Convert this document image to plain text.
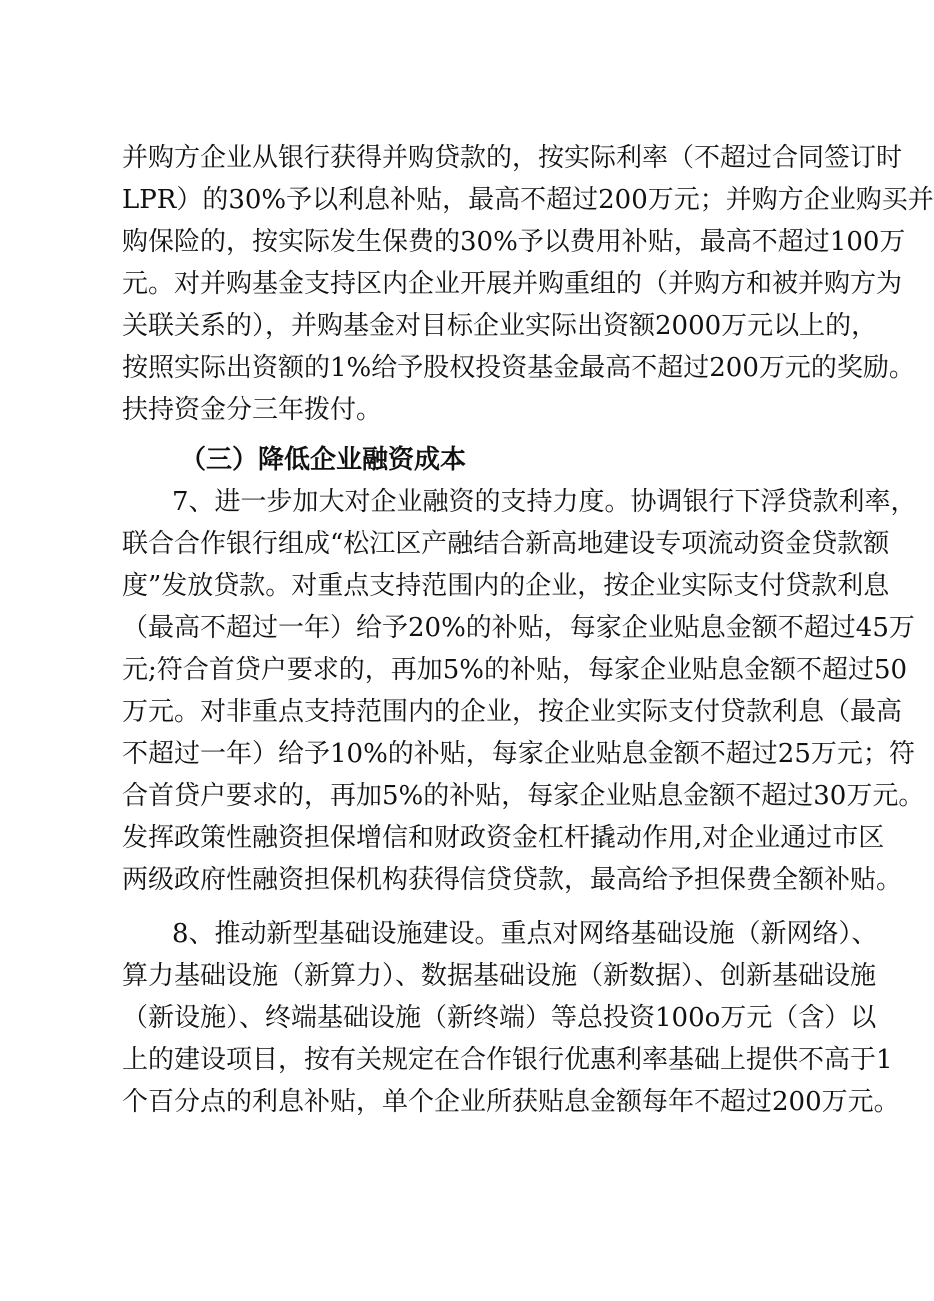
并购方企业从银行获得并购贷款的，按实际利率（不超过合同签订时
LPR）的30%予以利息补贴，最高不超过200万元；并购方企业购买并
购保险的，按实际发生保费的30%予以费用补贴，最高不超过100万
元。对并购基金支持区内企业开展并购重组的（并购方和被并购方为
关联关系的），并购基金对目标企业实际出资额2000万元以上的，
按照实际出资额的1%给予股权投资基金最高不超过200万元的奖励。
扶持资金分三年拨付。
（三）降低企业融资成本
7、进一步加大对企业融资的支持力度。协调银行下浮贷款利率，
联合合作银行组成“松江区产融结合新高地建设专项流动资金贷款额
度”发放贷款。对重点支持范围内的企业，按企业实际支付贷款利息
（最高不超过一年）给予20%的补贴，每家企业贴息金额不超过45万
元;符合首贷户要求的，再加5%的补贴，每家企业贴息金额不超过50
万元。对非重点支持范围内的企业，按企业实际支付贷款利息（最高
不超过一年）给予10%的补贴，每家企业贴息金额不超过25万元；符
合首贷户要求的，再加5%的补贴，每家企业贴息金额不超过30万元。
发挥政策性融资担保增信和财政资金杠杆撬动作用,对企业通过市区
两级政府性融资担保机构获得信贷贷款，最高给予担保费全额补贴。
8、推动新型基础设施建设。重点对网络基础设施（新网络）、
算力基础设施（新算力）、数据基础设施（新数据）、创新基础设施
（新设施）、终端基础设施（新终端）等总投资100o万元（含）以
上的建设项目，按有关规定在合作银行优惠利率基础上提供不高于1
个百分点的利息补贴，单个企业所获贴息金额每年不超过200万元。
